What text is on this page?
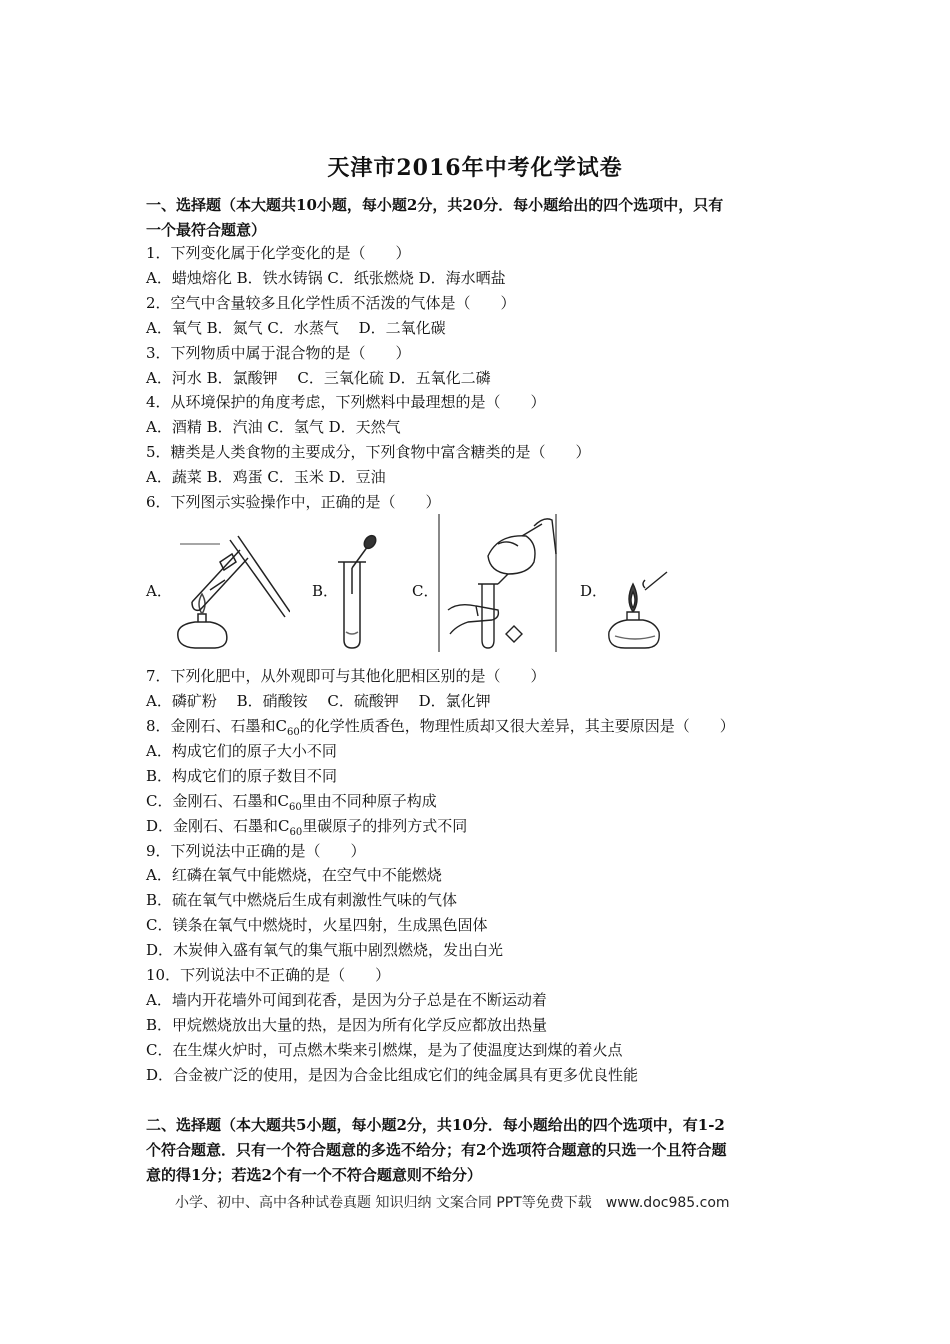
天津市2016年中考化学试卷
一、选择题（本大题共10小题，每小题2分，共20分．每小题给出的四个选项中，只有
一个最符合题意）
1．下列变化属于化学变化的是（　　）
A．蜡烛熔化 B．铁水铸锅 C．纸张燃烧 D．海水晒盐
2．空气中含量较多且化学性质不活泼的气体是（　　）
A．氧气 B．氮气 C．水蒸气　 D．二氧化碳
3．下列物质中属于混合物的是（　　）
A．河水 B．氯酸钾　 C．三氧化硫 D．五氧化二磷
4．从环境保护的角度考虑，下列燃料中最理想的是（　　）
A．酒精 B．汽油 C．氢气 D．天然气
5．糖类是人类食物的主要成分，下列食物中富含糖类的是（　　）
A．蔬菜 B．鸡蛋 C．玉米 D．豆油
6．下列图示实验操作中，正确的是（　　）
A．	B．	C．	D．
7．下列化肥中，从外观即可与其他化肥相区别的是（　　）
A．磷矿粉　 B．硝酸铵　 C．硫酸钾　 D．氯化钾
8．金刚石、石墨和$C_{60}$的化学性质香色，物理性质却又很大差异，其主要原因是（　　）
A．构成它们的原子大小不同
B．构成它们的原子数目不同
C．金刚石、石墨和$C_{60}$里由不同种原子构成
D．金刚石、石墨和$C_{60}$里碳原子的排列方式不同
9．下列说法中正确的是（　　）
A．红磷在氧气中能燃烧，在空气中不能燃烧
B．硫在氧气中燃烧后生成有刺激性气味的气体
C．镁条在氧气中燃烧时，火星四射，生成黑色固体
D．木炭伸入盛有氧气的集气瓶中剧烈燃烧，发出白光
10．下列说法中不正确的是（　　）
A．墙内开花墙外可闻到花香，是因为分子总是在不断运动着
B．甲烷燃烧放出大量的热，是因为所有化学反应都放出热量
C．在生煤火炉时，可点燃木柴来引燃煤，是为了使温度达到煤的着火点
D．合金被广泛的使用，是因为合金比组成它们的纯金属具有更多优良性能
二、选择题（本大题共5小题，每小题2分，共10分．每小题给出的四个选项中，有1-2
个符合题意．只有一个符合题意的多选不给分；有2个选项符合题意的只选一个且符合题
意的得1分；若选2个有一个不符合题意则不给分）
小学、初中、高中各种试卷真题 知识归纳 文案合同 PPT等免费下载　www.doc985.com
